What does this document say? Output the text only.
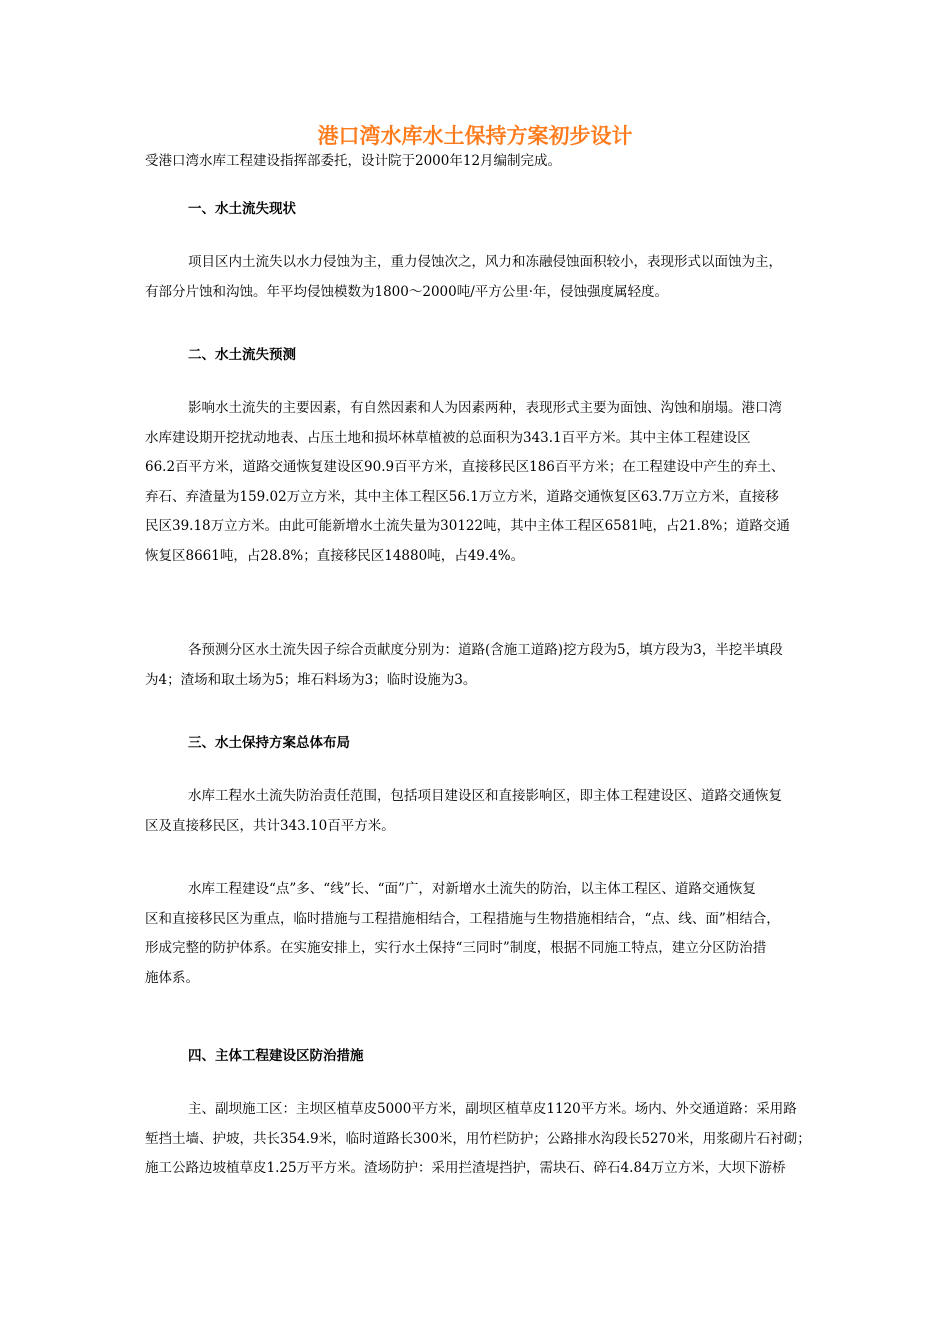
港口湾水库水土保持方案初步设计

受港口湾水库工程建设指挥部委托，设计院于2000年12月编制完成。

一、水土流失现状

项目区内土流失以水力侵蚀为主，重力侵蚀次之，风力和冻融侵蚀面积较小，表现形式以面蚀为主，
有部分片蚀和沟蚀。年平均侵蚀模数为1800～2000吨/平方公里·年，侵蚀强度属轻度。

二、水土流失预测

影响水土流失的主要因素，有自然因素和人为因素两种，表现形式主要为面蚀、沟蚀和崩塌。港口湾
水库建设期开挖扰动地表、占压土地和损坏林草植被的总面积为343.1百平方米。其中主体工程建设区
66.2百平方米，道路交通恢复建设区90.9百平方米，直接移民区186百平方米；在工程建设中产生的弃土、
弃石、弃渣量为159.02万立方米，其中主体工程区56.1万立方米，道路交通恢复区63.7万立方米，直接移
民区39.18万立方米。由此可能新增水土流失量为30122吨，其中主体工程区6581吨，占21.8%；道路交通
恢复区8661吨，占28.8%；直接移民区14880吨，占49.4%。

各预测分区水土流失因子综合贡献度分别为：道路(含施工道路)挖方段为5，填方段为3，半挖半填段
为4；渣场和取土场为5；堆石料场为3；临时设施为3。

三、水土保持方案总体布局

水库工程水土流失防治责任范围，包括项目建设区和直接影响区，即主体工程建设区、道路交通恢复
区及直接移民区，共计343.10百平方米。

水库工程建设“点”多、“线”长、“面”广，对新增水土流失的防治，以主体工程区、道路交通恢复
区和直接移民区为重点，临时措施与工程措施相结合，工程措施与生物措施相结合，“点、线、面”相结合，
形成完整的防护体系。在实施安排上，实行水土保持“三同时”制度，根据不同施工特点，建立分区防治措
施体系。

四、主体工程建设区防治措施

主、副坝施工区：主坝区植草皮5000平方米，副坝区植草皮1120平方米。场内、外交通道路：采用路
堑挡土墙、护坡，共长354.9米，临时道路长300米，用竹栏防护；公路排水沟段长5270米，用浆砌片石衬砌；
施工公路边坡植草皮1.25万平方米。渣场防护：采用拦渣堤挡护，需块石、碎石4.84万立方米，大坝下游桥
